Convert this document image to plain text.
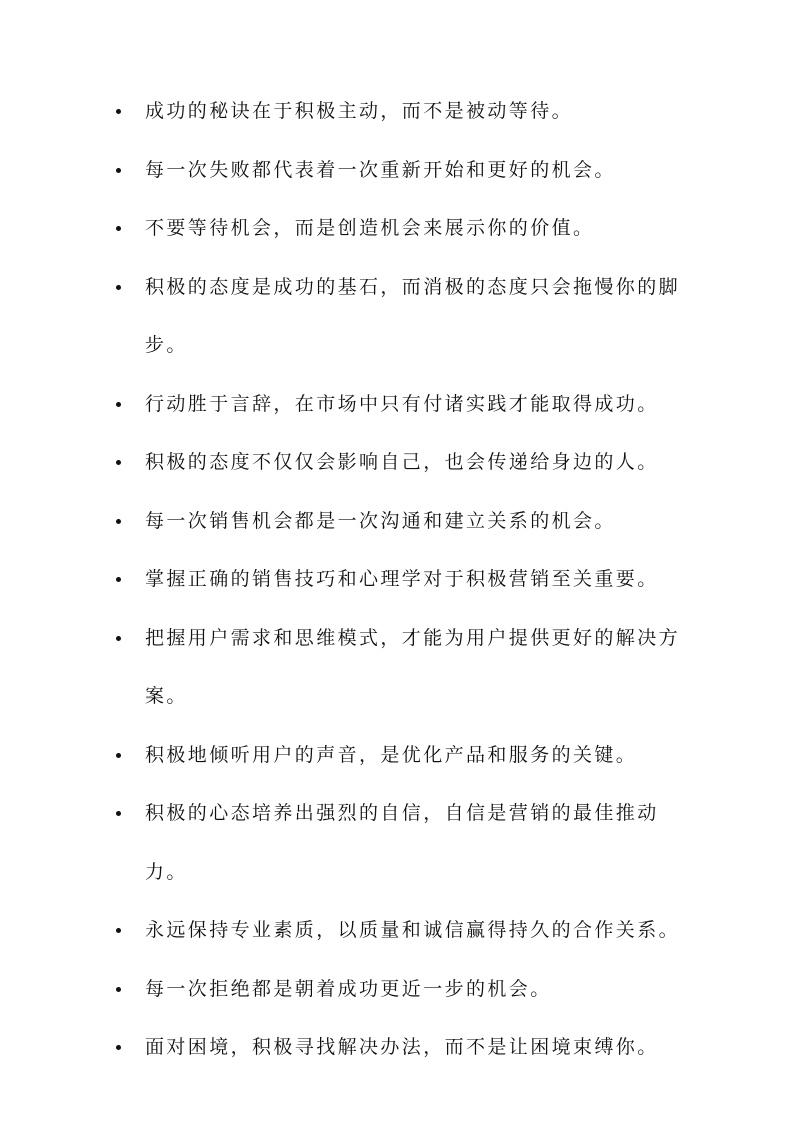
成功的秘诀在于积极主动，而不是被动等待。
每一次失败都代表着一次重新开始和更好的机会。
不要等待机会，而是创造机会来展示你的价值。
积极的态度是成功的基石，而消极的态度只会拖慢你的脚步。
行动胜于言辞，在市场中只有付诸实践才能取得成功。
积极的态度不仅仅会影响自己，也会传递给身边的人。
每一次销售机会都是一次沟通和建立关系的机会。
掌握正确的销售技巧和心理学对于积极营销至关重要。
把握用户需求和思维模式，才能为用户提供更好的解决方案。
积极地倾听用户的声音，是优化产品和服务的关键。
积极的心态培养出强烈的自信，自信是营销的最佳推动力。
永远保持专业素质，以质量和诚信赢得持久的合作关系。
每一次拒绝都是朝着成功更近一步的机会。
面对困境，积极寻找解决办法，而不是让困境束缚你。
